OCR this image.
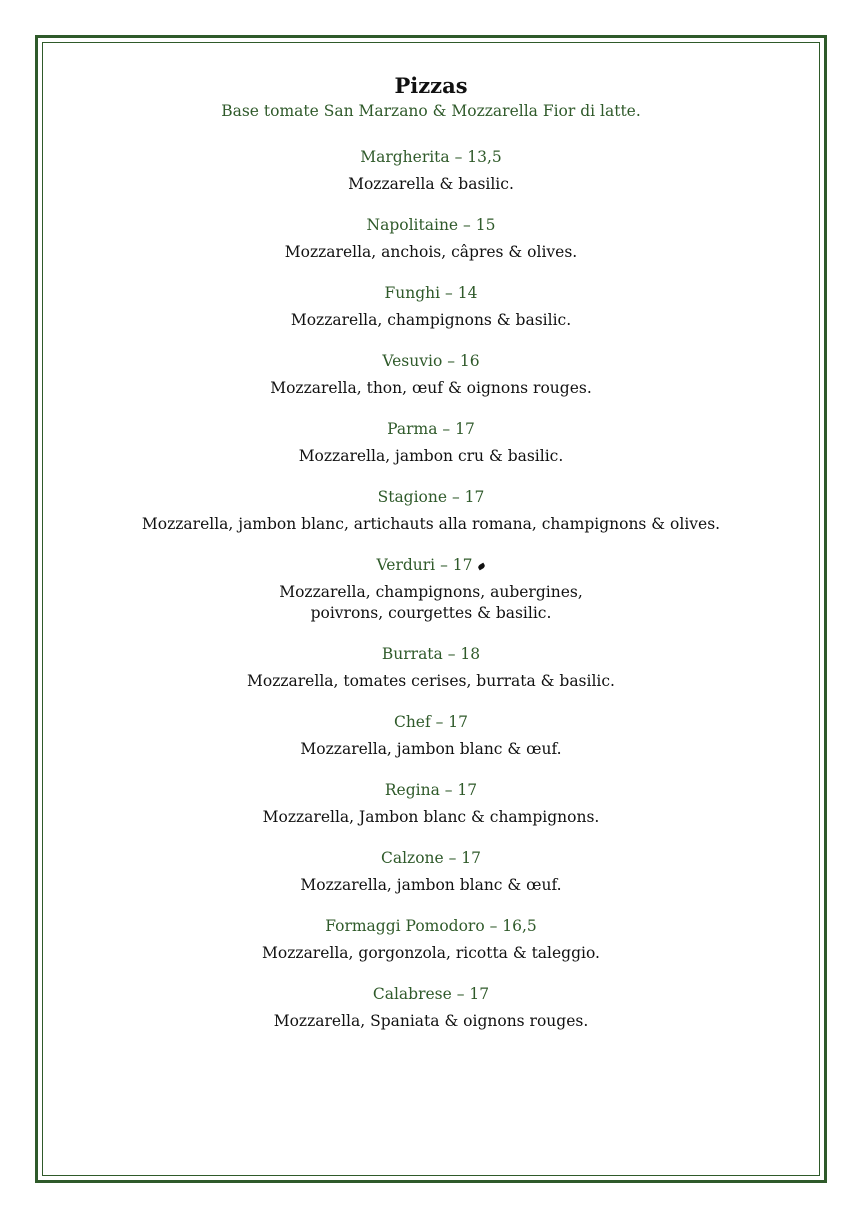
Pizzas

Base tomate San Marzano & Mozzarella Fior di latte.

Margherita – 13,5

Mozzarella & basilic.

Napolitaine – 15

Mozzarella, anchois, câpres & olives.

Funghi – 14

Mozzarella, champignons & basilic.

Vesuvio – 16

Mozzarella, thon, œuf & oignons rouges.

Parma – 17

Mozzarella, jambon cru & basilic.

Stagione – 17

Mozzarella, jambon blanc, artichauts alla romana, champignons & olives.

Verduri – 17

Mozzarella, champignons, aubergines,

poivrons, courgettes & basilic.

Burrata – 18

Mozzarella, tomates cerises, burrata & basilic.

Chef – 17

Mozzarella, jambon blanc & œuf.

Regina – 17

Mozzarella, Jambon blanc & champignons.

Calzone – 17

Mozzarella, jambon blanc & œuf.

Formaggi Pomodoro – 16,5

Mozzarella, gorgonzola, ricotta & taleggio.

Calabrese – 17

Mozzarella, Spaniata & oignons rouges.
